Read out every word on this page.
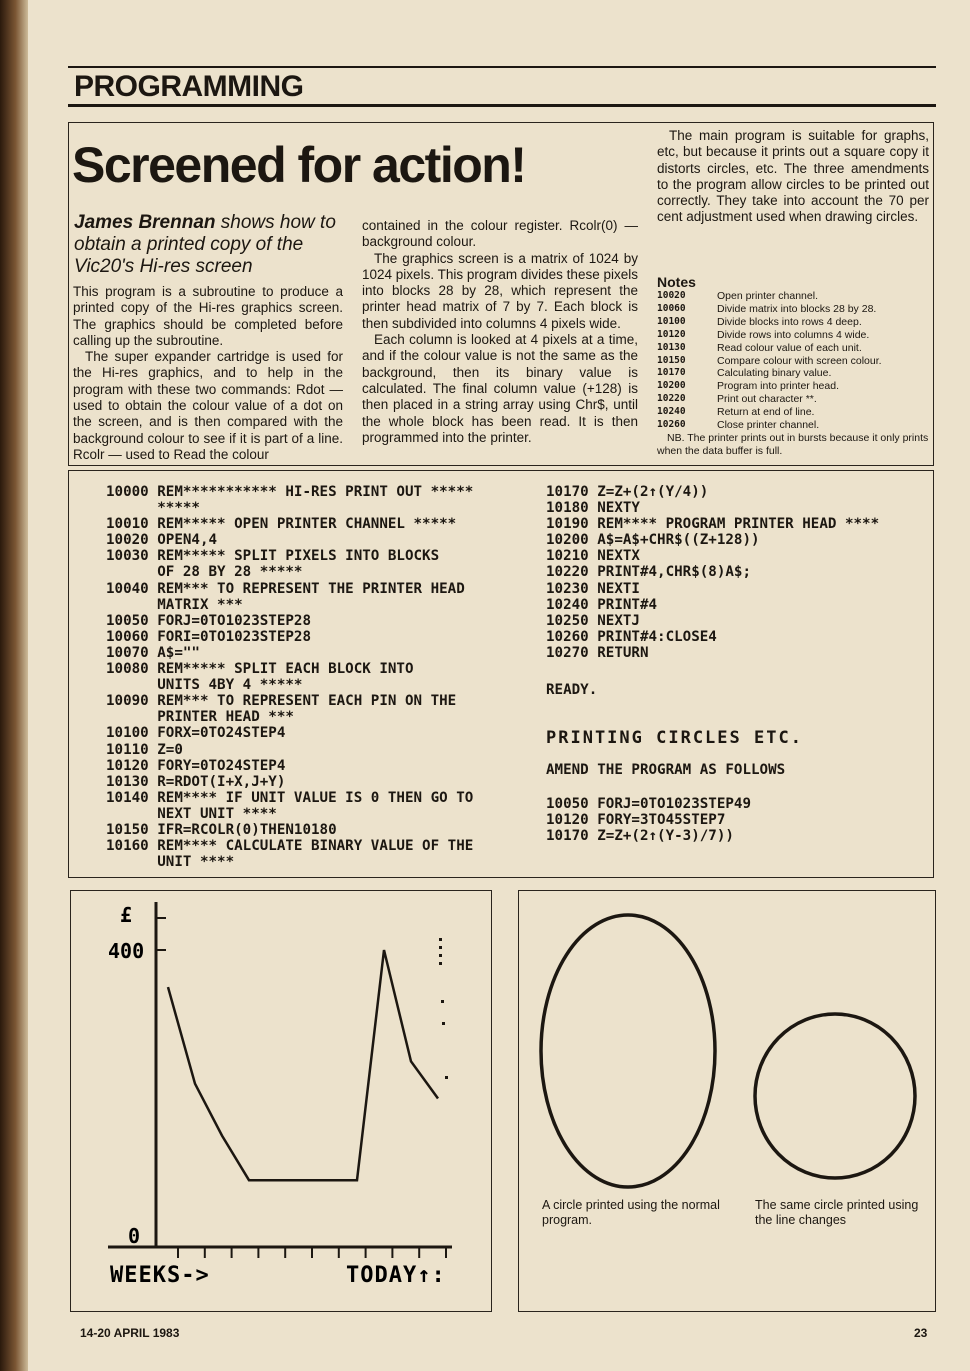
PROGRAMMING
Screened for action!

James Brennan shows how to obtain a printed copy of the Vic20's Hi-res screen

This program is a subroutine to produce a printed copy of the Hi-res graphics screen. The graphics should be completed before calling up the subroutine.

The super expander cartridge is used for the Hi-res graphics, and to help in the program with these two commands: Rdot — used to obtain the colour value of a dot on the screen, and is then compared with the background colour to see if it is part of a line. Rcolr — used to Read the colour

contained in the colour register. Rcolr(0) — background colour.

The graphics screen is a matrix of 1024 by 1024 pixels. This program divides these pixels into blocks 28 by 28, which represent the printer head matrix of 7 by 7. Each block is then subdivided into columns 4 pixels wide.

Each column is looked at 4 pixels at a time, and if the colour value is not the same as the background, then its binary value is calculated. The final column value (+128) is then placed in a string array using Chr$, until the whole block has been read. It is then programmed into the printer.

The main program is suitable for graphs, etc, but because it prints out a square copy it distorts circles, etc. The three amendments to the program allow circles to be printed out correctly. They take into account the 70 per cent adjustment used when drawing circles.

Notes
10020	Open printer channel.
10060	Divide matrix into blocks 28 by 28.
10100	Divide blocks into rows 4 deep.
10120	Divide rows into columns 4 wide.
10130	Read colour value of each unit.
10150	Compare colour with screen colour.
10170	Calculating binary value.
10200	Program into printer head.
10220	Print out character **.
10240	Return at end of line.
10260	Close printer channel.

NB. The printer prints out in bursts because it only prints when the data buffer is full.

10000 REM*********** HI-RES PRINT OUT *****
*****
10010 REM***** OPEN PRINTER CHANNEL *****
10020 OPEN4,4
10030 REM***** SPLIT PIXELS INTO BLOCKS
OF 28 BY 28 *****
10040 REM*** TO REPRESENT THE PRINTER HEAD
MATRIX ***
10050 FORJ=0TO1023STEP28
10060 FORI=0TO1023STEP28
10070 A$=""
10080 REM***** SPLIT EACH BLOCK INTO
UNITS 4BY 4 *****
10090 REM*** TO REPRESENT EACH PIN ON THE
PRINTER HEAD ***
10100 FORX=0TO24STEP4
10110 Z=0
10120 FORY=0TO24STEP4
10130 R=RDOT(I+X,J+Y)
10140 REM**** IF UNIT VALUE IS 0 THEN GO TO
NEXT UNIT ****
10150 IFR=RCOLR(0)THEN10180
10160 REM**** CALCULATE BINARY VALUE OF THE
UNIT ****
10170 Z=Z+(2↑(Y/4))
10180 NEXTY
10190 REM**** PROGRAM PRINTER HEAD ****
10200 A$=A$+CHR$((Z+128))
10210 NEXTX
10220 PRINT#4,CHR$(8)A$;
10230 NEXTI
10240 PRINT#4
10250 NEXTJ
10260 PRINT#4:CLOSE4
10270 RETURN

READY.

PRINTING CIRCLES ETC.

AMEND THE PROGRAM AS FOLLOWS

10050 FORJ=0TO1023STEP49
10120 FORY=3TO45STEP7
10170 Z=Z+(2↑(Y-3)/7))
£
400
0
WEEKS->	TODAY↑:

A circle printed using the normal program.

The same circle printed using the line changes

14-20 APRIL 1983	23
